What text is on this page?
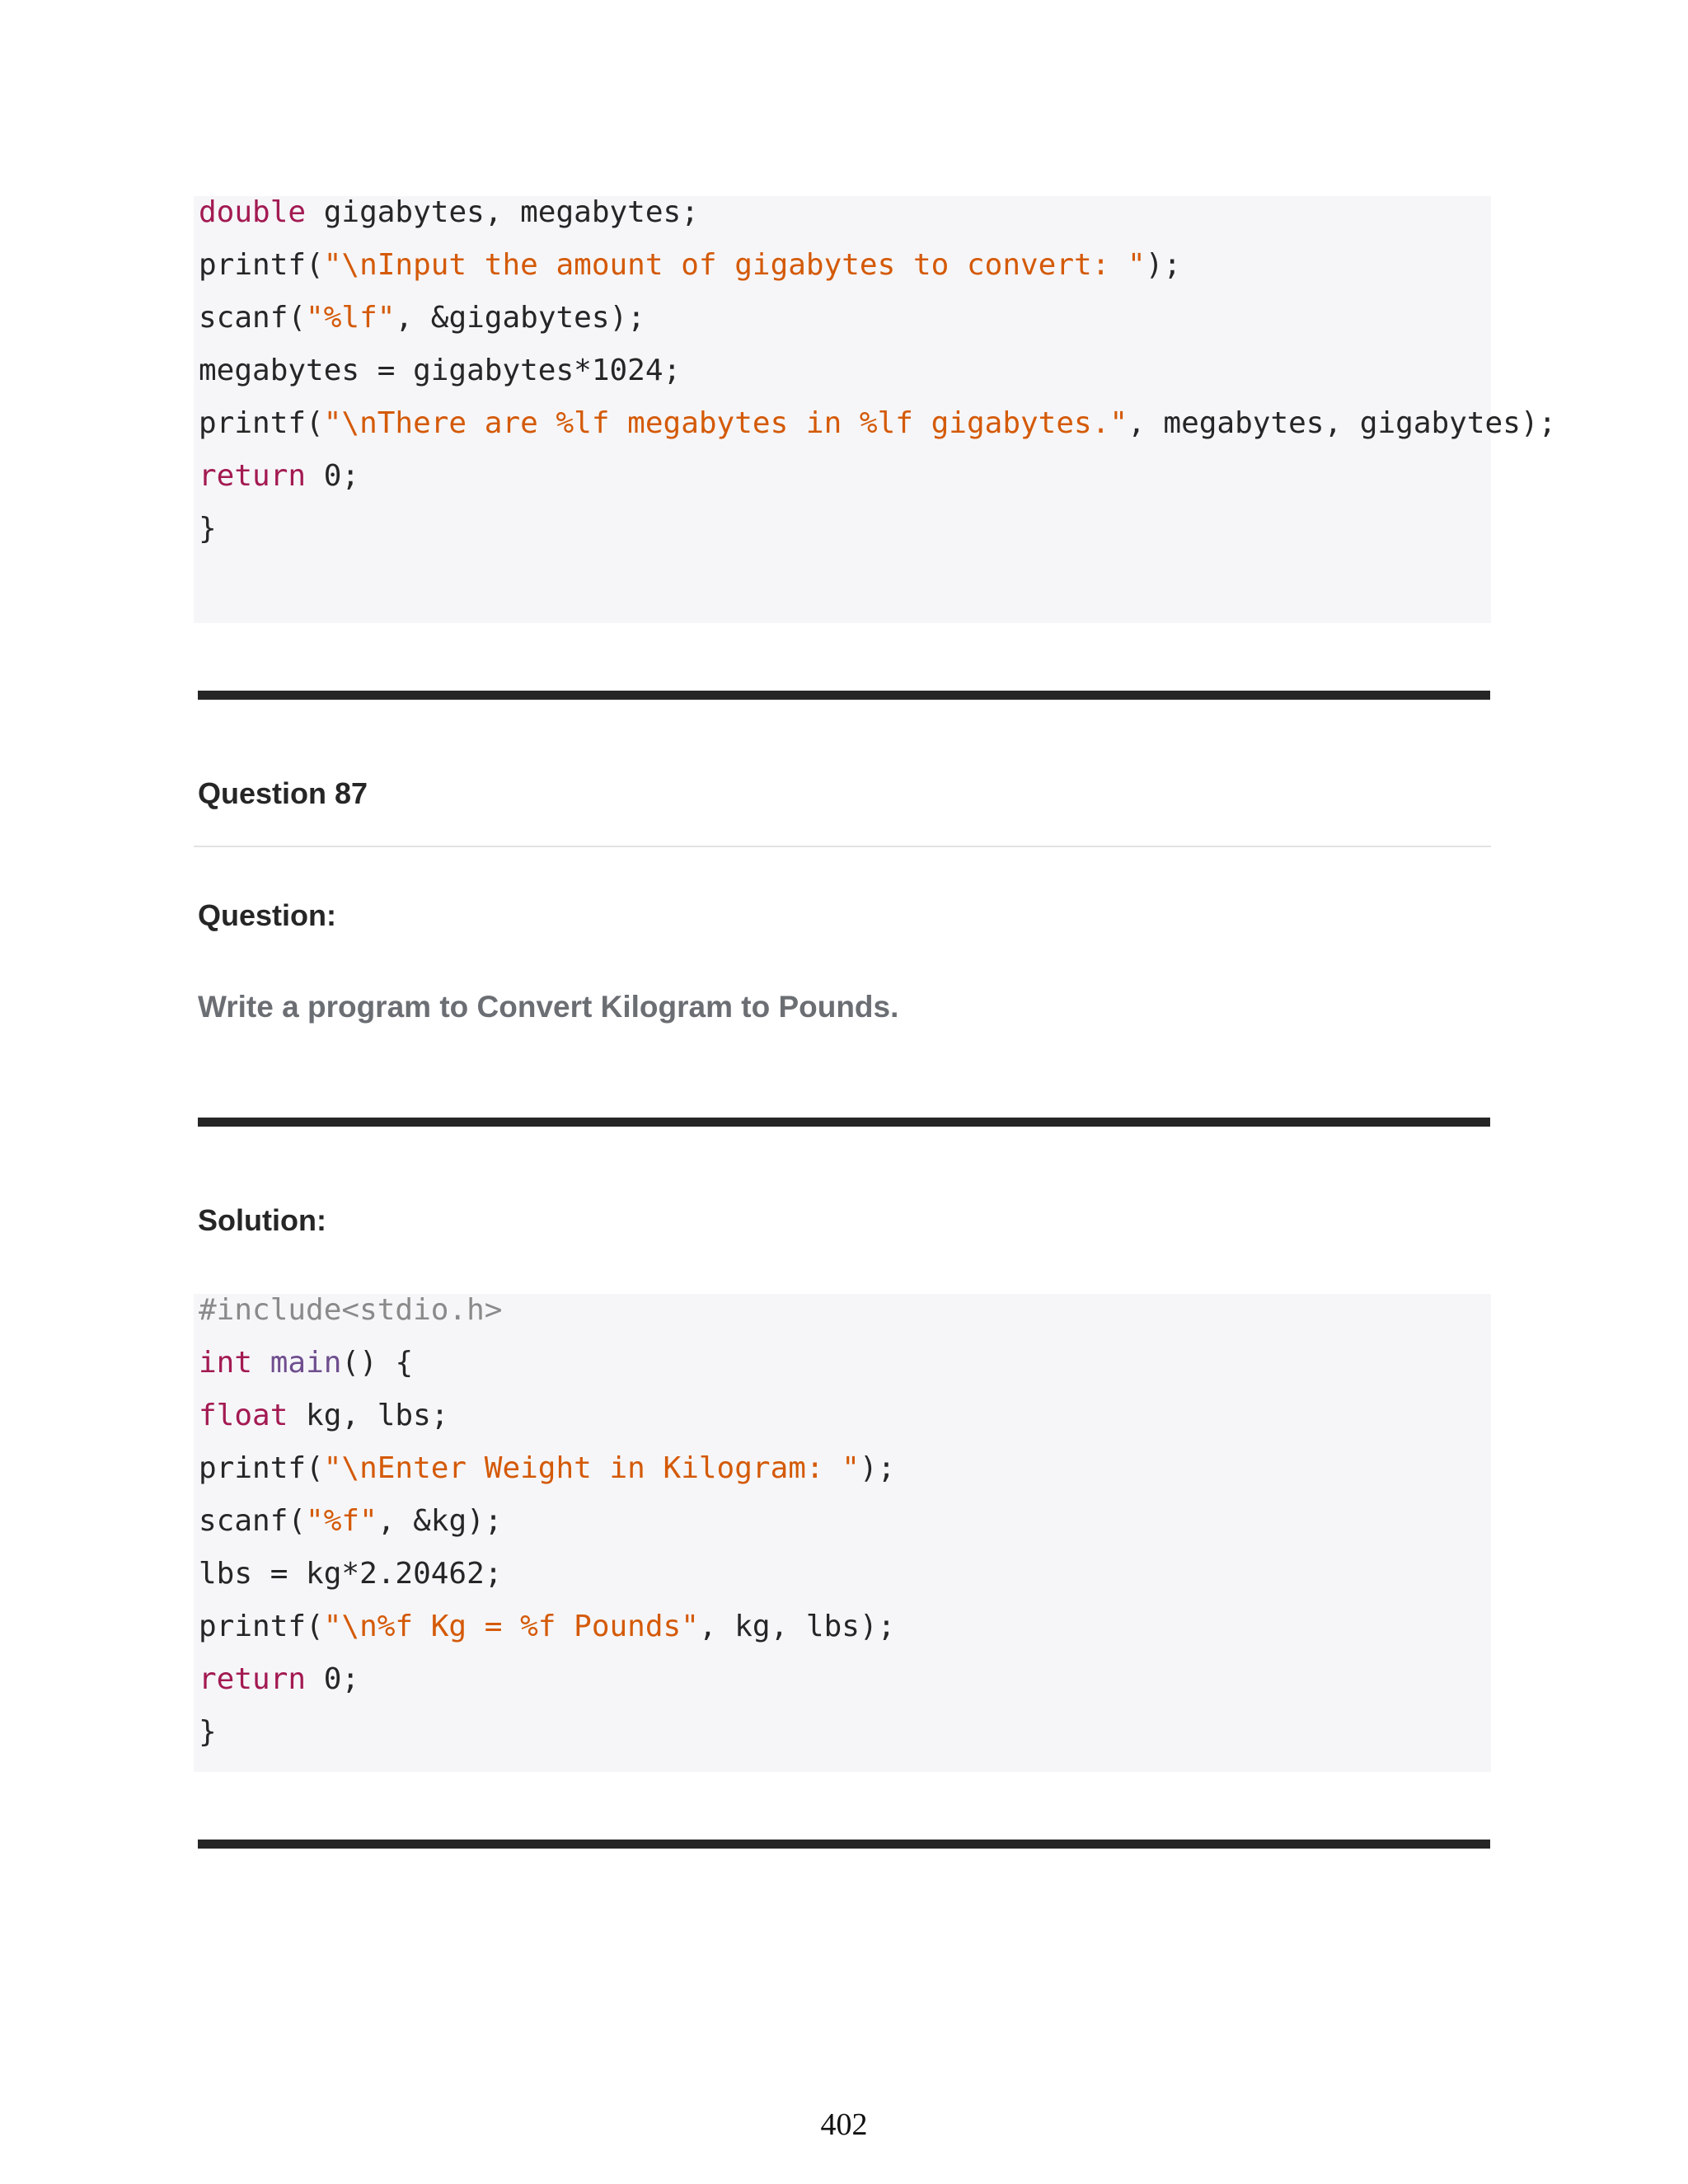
double gigabytes, megabytes;
printf("\nInput the amount of gigabytes to convert: ");
scanf("%lf", &gigabytes);
megabytes = gigabytes*1024;
printf("\nThere are %lf megabytes in %lf gigabytes.", megabytes, gigabytes);
return 0;
}
Question 87
Question:
Write a program to Convert Kilogram to Pounds.
Solution:
#include<stdio.h>
int main() {
float kg, lbs;
printf("\nEnter Weight in Kilogram: ");
scanf("%f", &kg);
lbs = kg*2.20462;
printf("\n%f Kg = %f Pounds", kg, lbs);
return 0;
}
402
